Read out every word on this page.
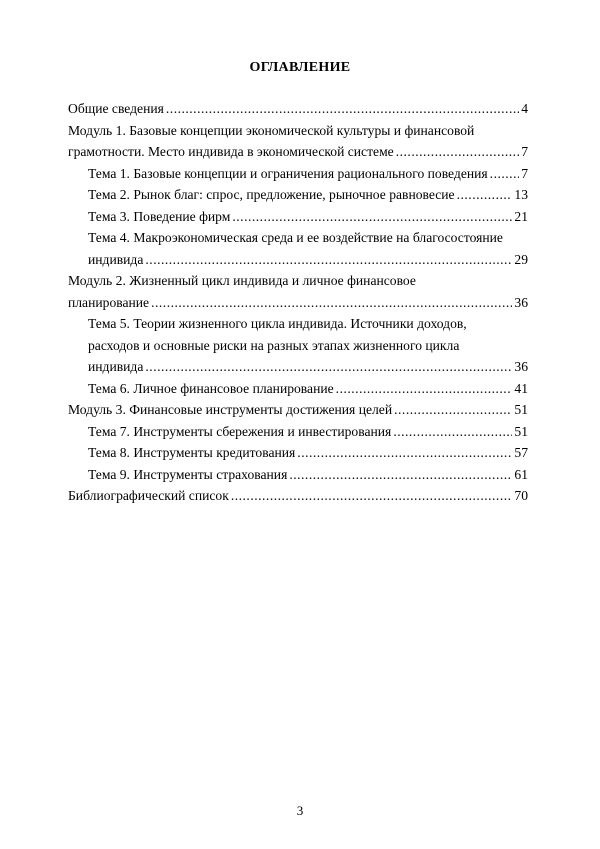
ОГЛАВЛЕНИЕ
Общие сведения .....	4
Модуль 1. Базовые концепции экономической культуры и финансовой
грамотности. Место индивида в экономической системе .....	7
Тема 1. Базовые концепции и ограничения рационального поведения ..... 7
Тема 2. Рынок благ: спрос, предложение, рыночное равновесие .....	13
Тема 3. Поведение фирм .....	21
Тема 4. Макроэкономическая среда и ее воздействие на благосостояние
индивида .....	29
Модуль 2. Жизненный цикл индивида и личное финансовое
планирование .....	36
Тема 5. Теории жизненного цикла индивида. Источники доходов,
расходов и основные риски на разных этапах жизненного цикла
индивида .....	36
Тема 6. Личное финансовое планирование .....	41
Модуль 3. Финансовые инструменты достижения целей .....	51
Тема 7. Инструменты сбережения и инвестирования .....	51
Тема 8. Инструменты кредитования .....	57
Тема 9. Инструменты страхования .....	61
Библиографический список .....	70
3
